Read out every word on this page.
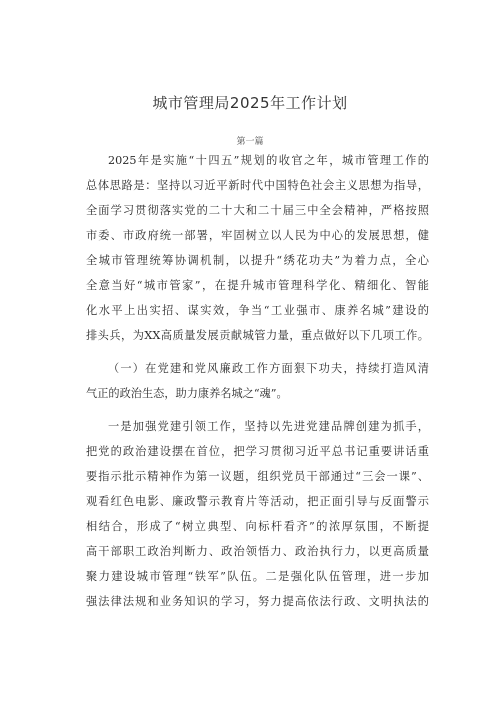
城市管理局2025年工作计划
第一篇
2025年是实施“十四五”规划的收官之年，城市管理工作的
总体思路是：坚持以习近平新时代中国特色社会主义思想为指导，
全面学习贯彻落实党的二十大和二十届三中全会精神，严格按照
市委、市政府统一部署，牢固树立以人民为中心的发展思想，健
全城市管理统筹协调机制，以提升“绣花功夫”为着力点，全心
全意当好“城市管家”，在提升城市管理科学化、精细化、智能
化水平上出实招、谋实效，争当“工业强市、康养名城”建设的
排头兵，为XX高质量发展贡献城管力量，重点做好以下几项工作。
（一）在党建和党风廉政工作方面狠下功夫，持续打造风清
气正的政治生态，助力康养名城之“魂”。
一是加强党建引领工作，坚持以先进党建品牌创建为抓手，
把党的政治建设摆在首位，把学习贯彻习近平总书记重要讲话重
要指示批示精神作为第一议题，组织党员干部通过“三会一课”、
观看红色电影、廉政警示教育片等活动，把正面引导与反面警示
相结合，形成了“树立典型、向标杆看齐”的浓厚氛围，不断提
高干部职工政治判断力、政治领悟力、政治执行力，以更高质量
聚力建设城市管理“铁军”队伍。二是强化队伍管理，进一步加
强法律法规和业务知识的学习，努力提高依法行政、文明执法的
